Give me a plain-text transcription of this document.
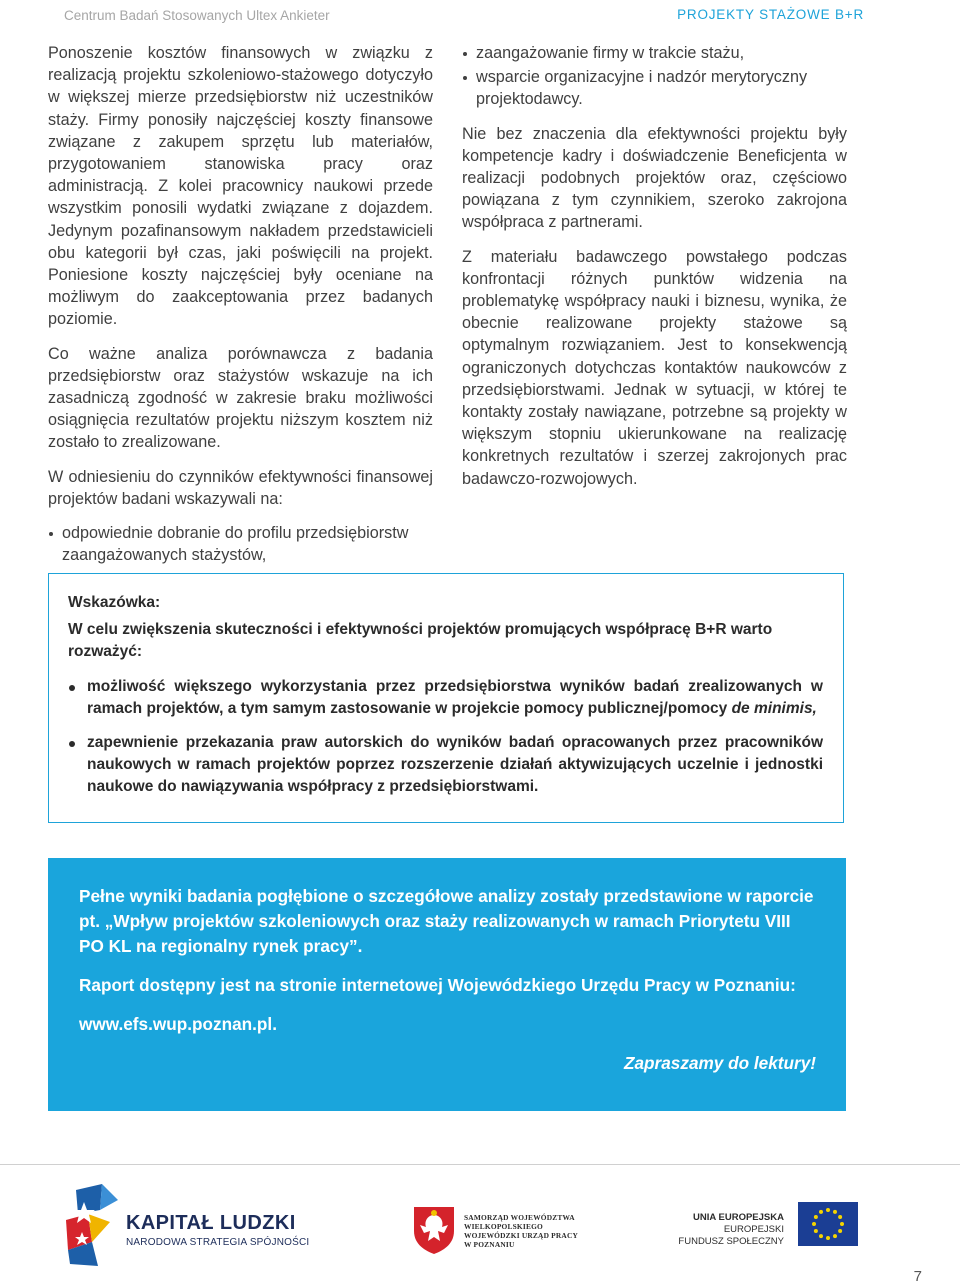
Centrum Badań Stosowanych Ultex Ankieter	PROJEKTY STAŻOWE B+R

Ponoszenie kosztów finansowych w związku z realizacją projektu szkoleniowo-stażowego dotyczyło w większej mierze przedsiębiorstw niż uczestników staży. Firmy ponosiły najczęściej koszty finansowe związane z zakupem sprzętu lub materiałów, przygotowaniem stanowiska pracy oraz administracją. Z kolei pracownicy naukowi przede wszystkim ponosili wydatki związane z dojazdem. Jedynym pozafinansowym nakładem przedstawicieli obu kategorii był czas, jaki poświęcili na projekt. Poniesione koszty najczęściej były oceniane na możliwym do zaakceptowania przez badanych poziomie.

Co ważne analiza porównawcza z badania przedsiębiorstw oraz stażystów wskazuje na ich zasadniczą zgodność w zakresie braku możliwości osiągnięcia rezultatów projektu niższym kosztem niż zostało to zrealizowane.

W odniesieniu do czynników efektywności finansowej projektów badani wskazywali na:

odpowiednie dobranie do profilu przedsiębiorstw zaangażowanych stażystów,
zaangażowanie firmy w trakcie stażu,
wsparcie organizacyjne i nadzór merytoryczny projektodawcy.

Nie bez znaczenia dla efektywności projektu były kompetencje kadry i doświadczenie Beneficjenta w realizacji podobnych projektów oraz, częściowo powiązana z tym czynnikiem, szeroko zakrojona współpraca z partnerami.

Z materiału badawczego powstałego podczas konfrontacji różnych punktów widzenia na problematykę współpracy nauki i biznesu, wynika, że obecnie realizowane projekty stażowe są optymalnym rozwiązaniem. Jest to konsekwencją ograniczonych dotychczas kontaktów naukowców z przedsiębiorstwami. Jednak w sytuacji, w której te kontakty zostały nawiązane, potrzebne są projekty w większym stopniu ukierunkowane na realizację konkretnych rezultatów i szerzej zakrojonych prac badawczo-rozwojowych.

Wskazówka:
W celu zwiększenia skuteczności i efektywności projektów promujących współpracę B+R warto rozważyć:
możliwość większego wykorzystania przez przedsiębiorstwa wyników badań zrealizowanych w ramach projektów, a tym samym zastosowanie w projekcie pomocy publicznej/pomocy de minimis,
zapewnienie przekazania praw autorskich do wyników badań opracowanych przez pracowników naukowych w ramach projektów poprzez rozszerzenie działań aktywizujących uczelnie i jednostki naukowe do nawiązywania współpracy z przedsiębiorstwami.

Pełne wyniki badania pogłębione o szczegółowe analizy zostały przedstawione w raporcie pt. „Wpływ projektów szkoleniowych oraz staży realizowanych w ramach Priorytetu VIII PO KL na regionalny rynek pracy”.

Raport dostępny jest na stronie internetowej Wojewódzkiego Urzędu Pracy w Poznaniu:

www.efs.wup.poznan.pl.

Zapraszamy do lektury!

KAPITAŁ LUDZKI
NARODOWA STRATEGIA SPÓJNOŚCI
SAMORZĄD WOJEWÓDZTWA
WIELKOPOLSKIEGO
WOJEWÓDZKI URZĄD PRACY
W POZNANIU
UNIA EUROPEJSKA
EUROPEJSKI
FUNDUSZ SPOŁECZNY
7
